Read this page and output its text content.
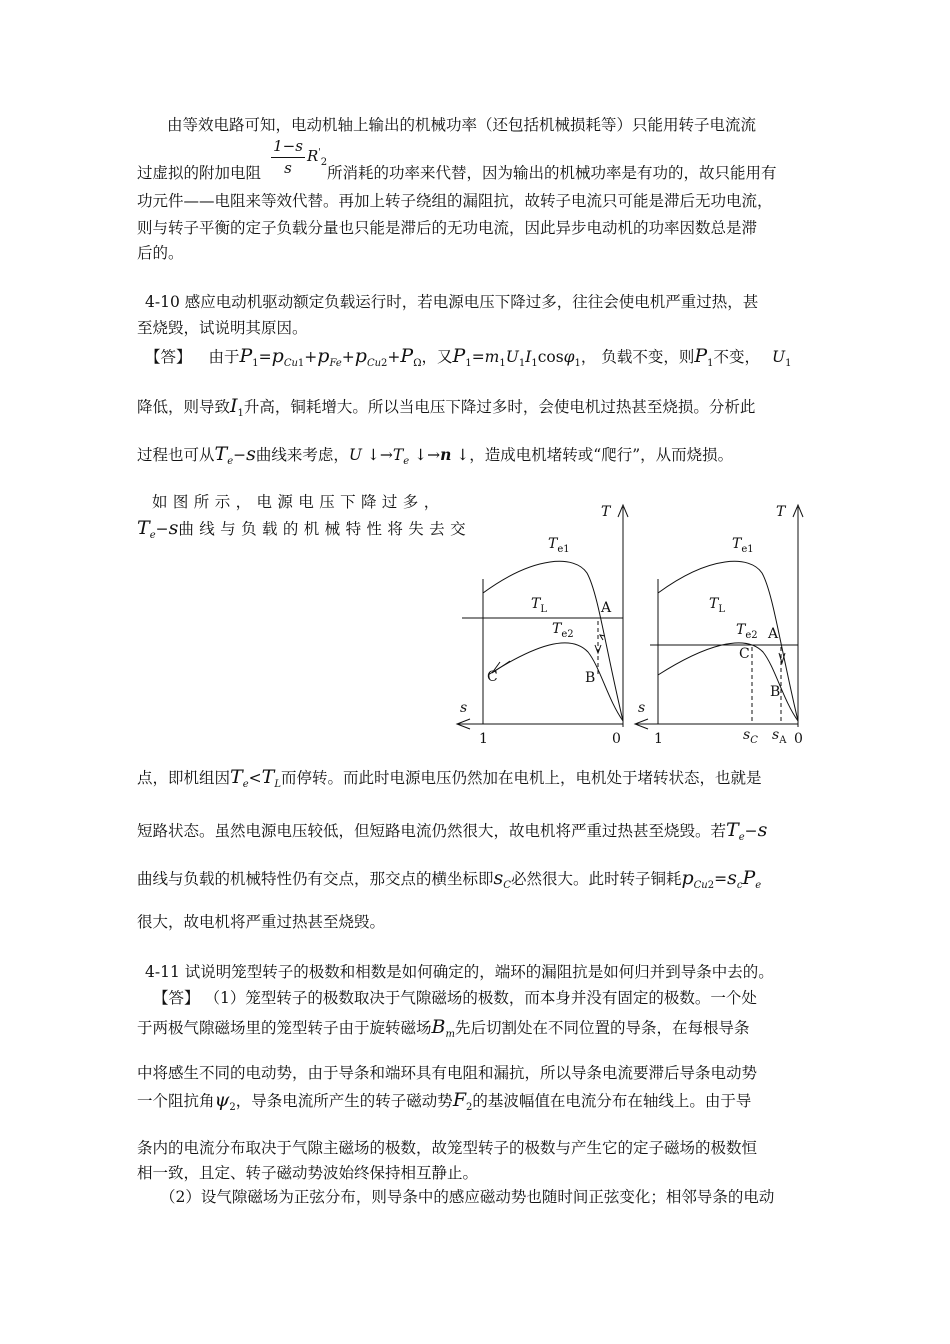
由等效电路可知，电动机轴上输出的机械功率（还包括机械损耗等）只能用转子电流流
1−s
s
$R'_2$
过虚拟的附加电阻	所消耗的功率来代替，因为输出的机械功率是有功的，故只能用有
功元件——电阻来等效代替。再加上转子绕组的漏阻抗，故转子电流只可能是滞后无功电流，
则与转子平衡的定子负载分量也只能是滞后的无功电流，因此异步电动机的功率因数总是滞
后的。
4-10 感应电动机驱动额定负载运行时，若电源电压下降过多，往往会使电机严重过热，甚
至烧毁，试说明其原因。
【答】 由于$P_1=p_{Cu1}+p_{Fe}+p_{Cu2}+P_\Omega$，又$P_1=m_1U_1I_1\cos\varphi_1$， 负载不变，则$P_1$不变， $U_1$
降低，则导致$I_1$升高，铜耗增大。所以当电压下降过多时，会使电机过热甚至烧损。分析此
过程也可从$T_e-s$曲线来考虑，U $↓\to T_e$ ↓→n ↓，造成电机堵转或“爬行”，从而烧损。
如图所示，电源电压下降过多，
$T_e-s$曲线与负载的机械特性将失去交
T
$T_{e1}$
$T_L$	A
$T_{e2}$
B
C
s
1	0
T
$T_{e1}$
$T_L$
$T_{e2}$ A
C
B
s
1	$s_C$ $s_A$ 0
点，即机组因$T_e<T_L$而停转。而此时电源电压仍然加在电机上，电机处于堵转状态，也就是
短路状态。虽然电源电压较低，但短路电流仍然很大，故电机将严重过热甚至烧毁。若$T_e-s$
曲线与负载的机械特性仍有交点，那交点的横坐标即$s_C$必然很大。此时转子铜耗$p_{Cu2}=s_cP_e$
很大，故电机将严重过热甚至烧毁。
4-11 试说明笼型转子的极数和相数是如何确定的，端环的漏阻抗是如何归并到导条中去的。
【答】 （1）笼型转子的极数取决于气隙磁场的极数，而本身并没有固定的极数。一个处
于两极气隙磁场里的笼型转子由于旋转磁场$B_m$先后切割处在不同位置的导条，在每根导条
中将感生不同的电动势，由于导条和端环具有电阻和漏抗，所以导条电流要滞后导条电动势
一个阻抗角$\psi_2$，导条电流所产生的转子磁动势$F_2$的基波幅值在电流分布在轴线上。由于导
条内的电流分布取决于气隙主磁场的极数，故笼型转子的极数与产生它的定子磁场的极数恒
相一致，且定、转子磁动势波始终保持相互静止。
（2）设气隙磁场为正弦分布，则导条中的感应磁动势也随时间正弦变化；相邻导条的电动
